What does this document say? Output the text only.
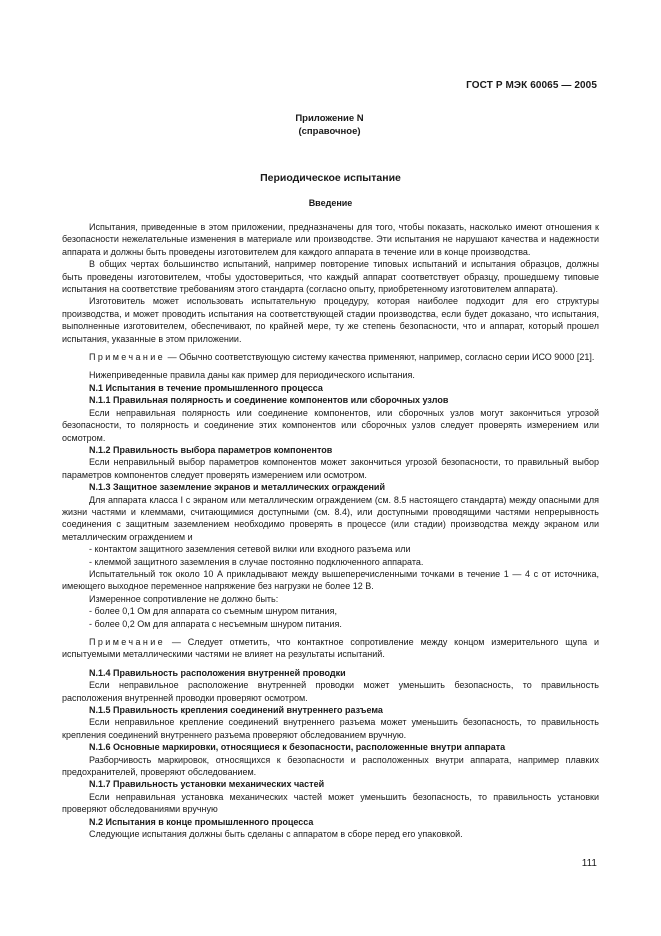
ГОСТ Р МЭК 60065 — 2005
Приложение N
(справочное)
Периодическое испытание
Введение

Испытания, приведенные в этом приложении, предназначены для того, чтобы показать, насколько имеют отношения к безопасности нежелательные изменения в материале или производстве. Эти испытания не нарушают качества и надежности аппарата и должны быть проведены изготовителем для каждого аппарата в течение или в конце производства.

В общих чертах большинство испытаний, например повторение типовых испытаний и испытания образцов, должны быть проведены изготовителем, чтобы удостовериться, что каждый аппарат соответствует образцу, прошедшему типовые испытания на соответствие требованиям этого стандарта (согласно опыту, приобретенному изготовителем аппарата).

Изготовитель может использовать испытательную процедуру, которая наиболее подходит для его структуры производства, и может проводить испытания на соответствующей стадии производства, если будет доказано, что испытания, выполненные изготовителем, обеспечивают, по крайней мере, ту же степень безопасности, что и аппарат, который прошел испытания, указанные в этом приложении.

Примечание — Обычно соответствующую систему качества применяют, например, согласно серии ИСО 9000 [21].

Нижеприведенные правила даны как пример для периодического испытания.

N.1 Испытания в течение промышленного процесса

N.1.1 Правильная полярность и соединение компонентов или сборочных узлов

Если неправильная полярность или соединение компонентов, или сборочных узлов могут закончиться угрозой безопасности, то полярность и соединение этих компонентов или сборочных узлов следует проверять измерением или осмотром.

N.1.2 Правильность выбора параметров компонентов

Если неправильный выбор параметров компонентов может закончиться угрозой безопасности, то правильный выбор параметров компонентов следует проверять измерением или осмотром.

N.1.3 Защитное заземление экранов и металлических ограждений

Для аппарата класса I с экраном или металлическим ограждением (см. 8.5 настоящего стандарта) между опасными для жизни частями и клеммами, считающимися доступными (см. 8.4), или доступными проводящими частями непрерывность соединения с защитным заземлением необходимо проверять в процессе (или стадии) производства между экраном или металлическим ограждением и

- контактом защитного заземления сетевой вилки или входного разъема или

- клеммой защитного заземления в случае постоянно подключенного аппарата.

Испытательный ток около 10 А прикладывают между вышеперечисленными точками в течение 1 — 4 с от источника, имеющего выходное переменное напряжение без нагрузки не более 12 В.

Измеренное сопротивление не должно быть:

- более 0,1 Ом для аппарата со съемным шнуром питания,

- более 0,2 Ом для аппарата с несъемным шнуром питания.

Примечание — Следует отметить, что контактное сопротивление между концом измерительного щупа и испытуемыми металлическими частями не влияет на результаты испытаний.

N.1.4 Правильность расположения внутренней проводки

Если неправильное расположение внутренней проводки может уменьшить безопасность, то правильность расположения внутренней проводки проверяют осмотром.

N.1.5 Правильность крепления соединений внутреннего разъема

Если неправильное крепление соединений внутреннего разъема может уменьшить безопасность, то правильность крепления соединений внутреннего разъема проверяют обследованием вручную.

N.1.6 Основные маркировки, относящиеся к безопасности, расположенные внутри аппарата

Разборчивость маркировок, относящихся к безопасности и расположенных внутри аппарата, например плавких предохранителей, проверяют обследованием.

N.1.7 Правильность установки механических частей

Если неправильная установка механических частей может уменьшить безопасность, то правильность установки проверяют обследованиями вручную

N.2 Испытания в конце промышленного процесса

Следующие испытания должны быть сделаны с аппаратом в сборе перед его упаковкой.

111
